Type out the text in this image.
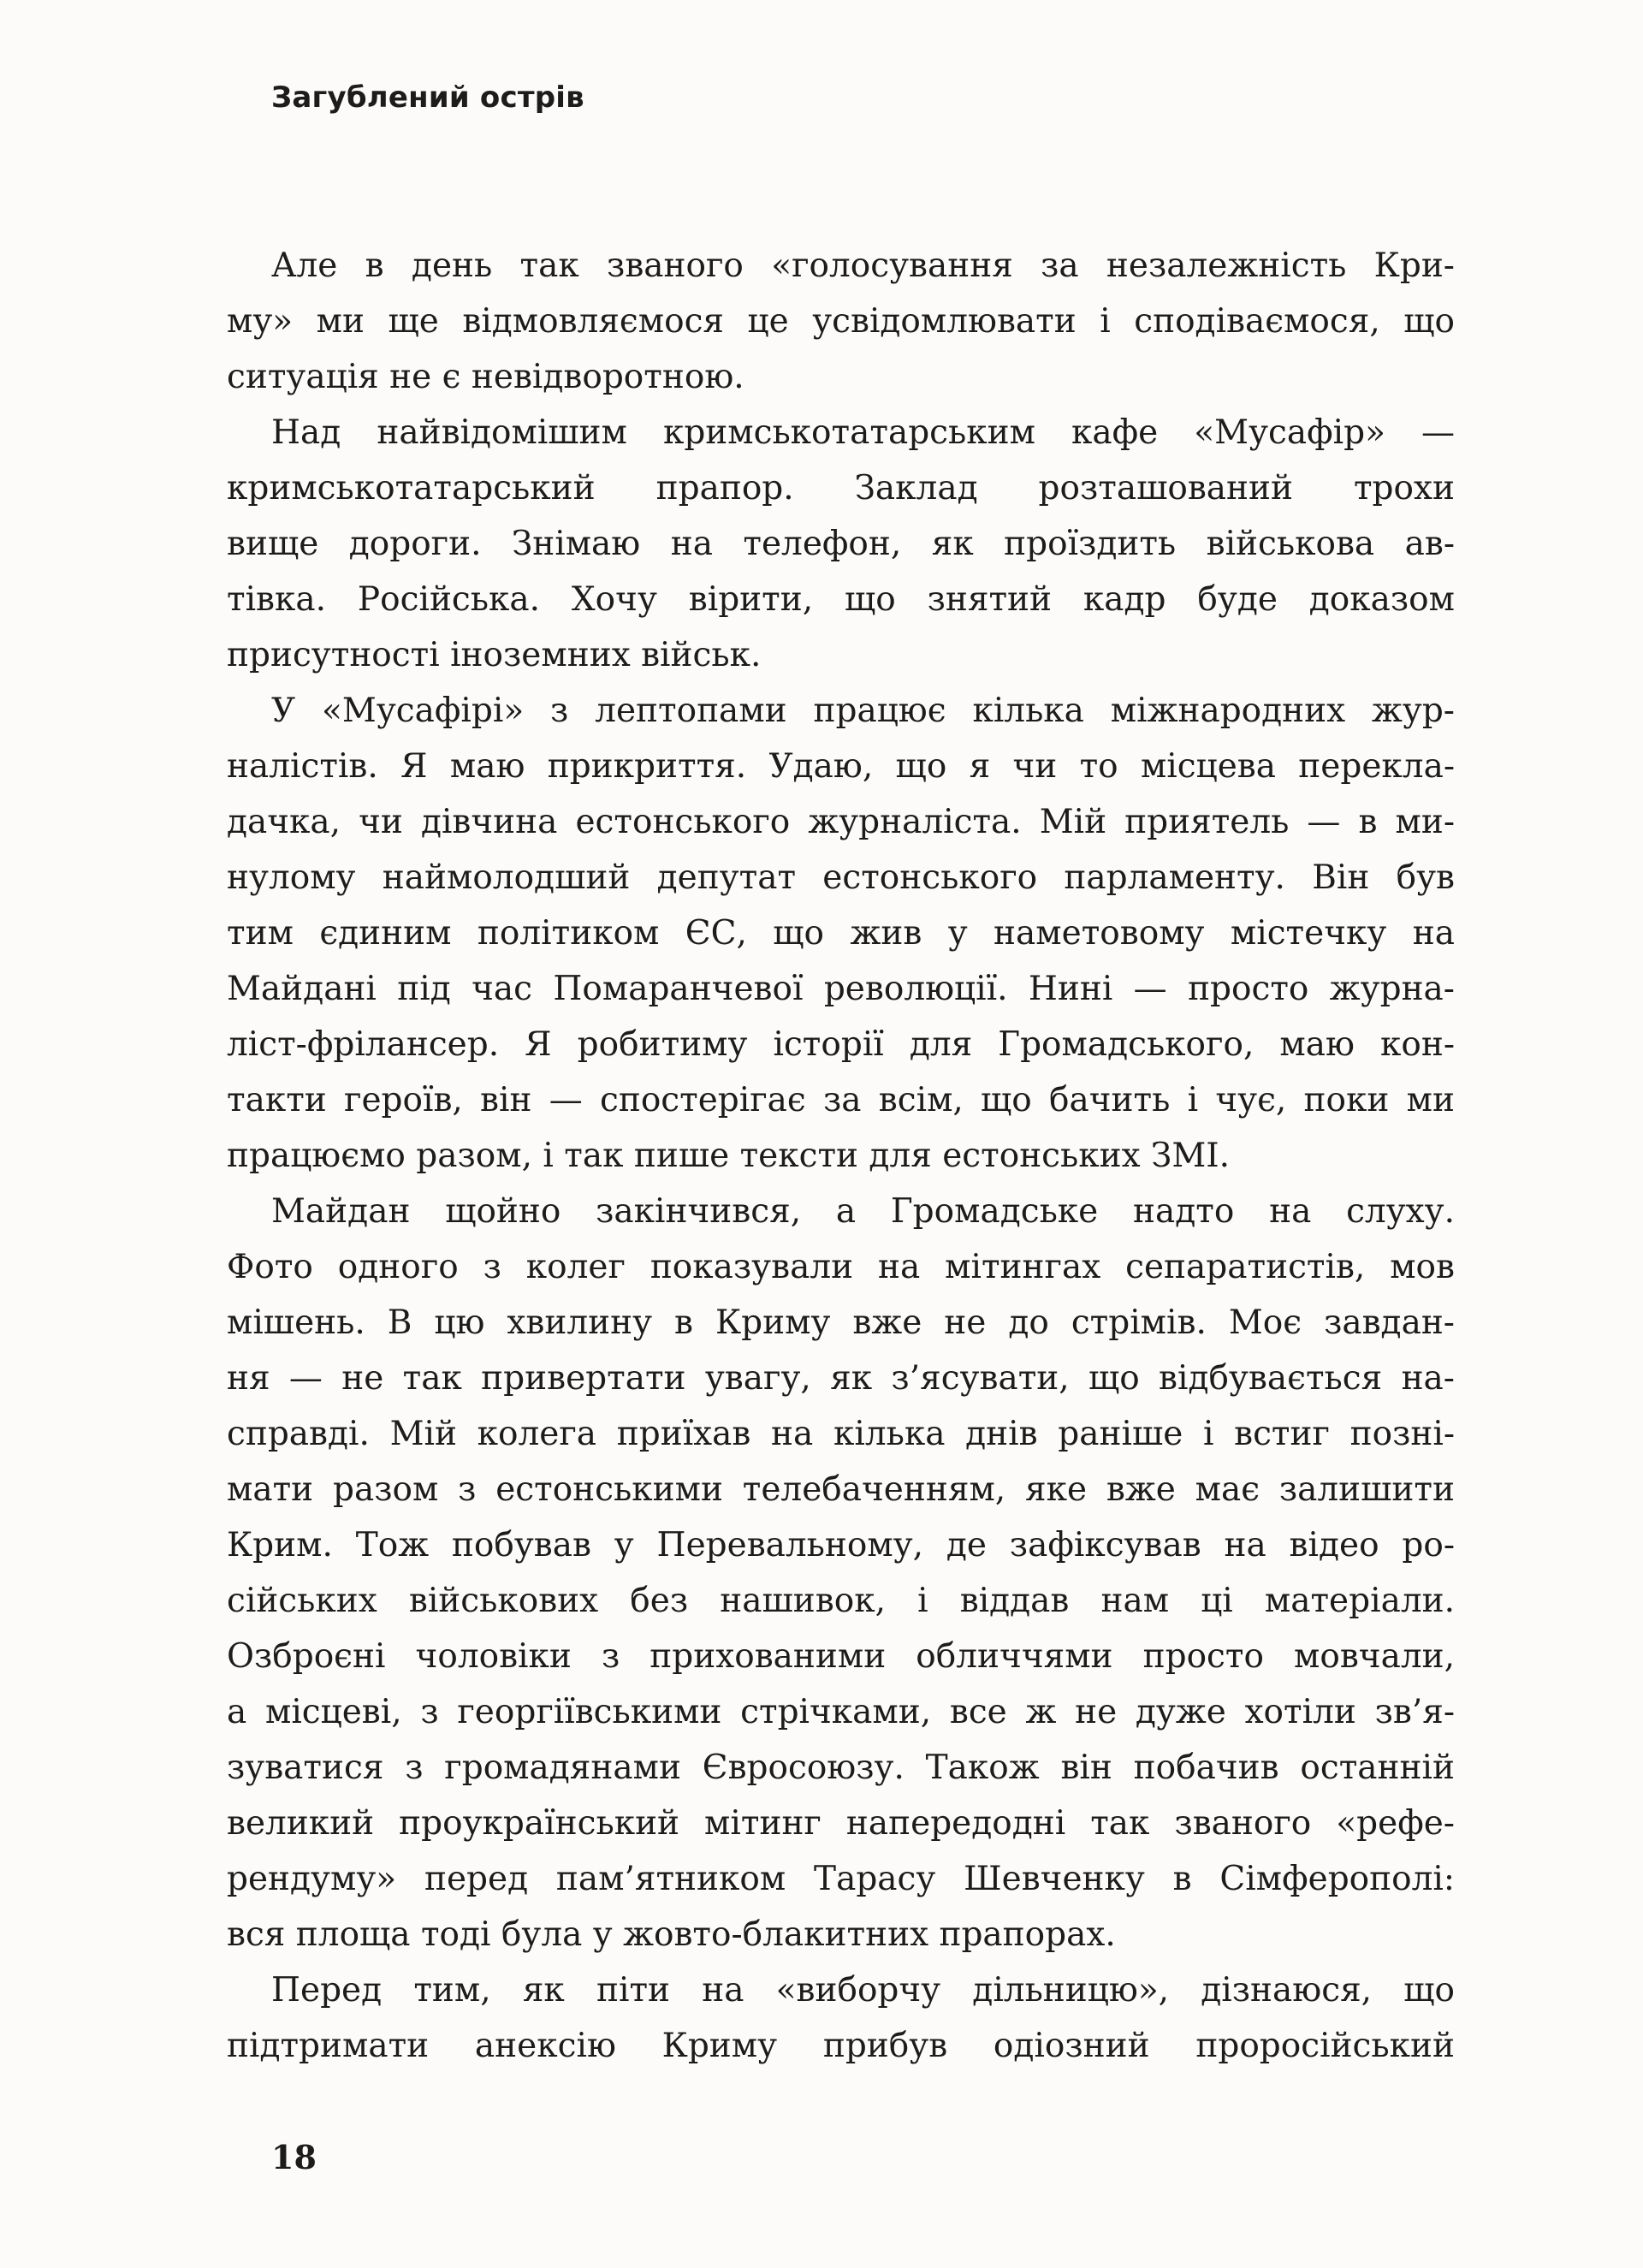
Загублений острів
Але в день так званого «голосування за незалежність Кри-
му» ми ще відмовляємося це усвідомлювати і сподіваємося, що
ситуація не є невідворотною.
Над найвідомішим кримськотатарським кафе «Мусафір» —
кримськотатарський прапор. Заклад розташований трохи
вище дороги. Знімаю на телефон, як проїздить військова ав-
тівка. Російська. Хочу вірити, що знятий кадр буде доказом
присутності іноземних військ.
У «Мусафірі» з лептопами працює кілька міжнародних жур-
налістів. Я маю прикриття. Удаю, що я чи то місцева перекла-
дачка, чи дівчина естонського журналіста. Мій приятель — в ми-
нулому наймолодший депутат естонського парламенту. Він був
тим єдиним політиком ЄС, що жив у наметовому містечку на
Майдані під час Помаранчевої революції. Нині — просто журна-
ліст-фрілансер. Я робитиму історії для Громадського, маю кон-
такти героїв, він — спостерігає за всім, що бачить і чує, поки ми
працюємо разом, і так пише тексти для естонських ЗМІ.
Майдан щойно закінчився, а Громадське надто на слуху.
Фото одного з колег показували на мітингах сепаратистів, мов
мішень. В цю хвилину в Криму вже не до стрімів. Моє завдан-
ня — не так привертати увагу, як з’ясувати, що відбувається на-
справді. Мій колега приїхав на кілька днів раніше і встиг позні-
мати разом з естонськими телебаченням, яке вже має залишити
Крим. Тож побував у Перевальному, де зафіксував на відео ро-
сійських військових без нашивок, і віддав нам ці матеріали.
Озброєні чоловіки з прихованими обличчями просто мовчали,
а місцеві, з георгіївськими стрічками, все ж не дуже хотіли зв’я-
зуватися з громадянами Євросоюзу. Також він побачив останній
великий проукраїнський мітинг напередодні так званого «рефе-
рендуму» перед пам’ятником Тарасу Шевченку в Сімферополі:
вся площа тоді була у жовто-блакитних прапорах.
Перед тим, як піти на «виборчу дільницю», дізнаюся, що
підтримати анексію Криму прибув одіозний проросійський
18
